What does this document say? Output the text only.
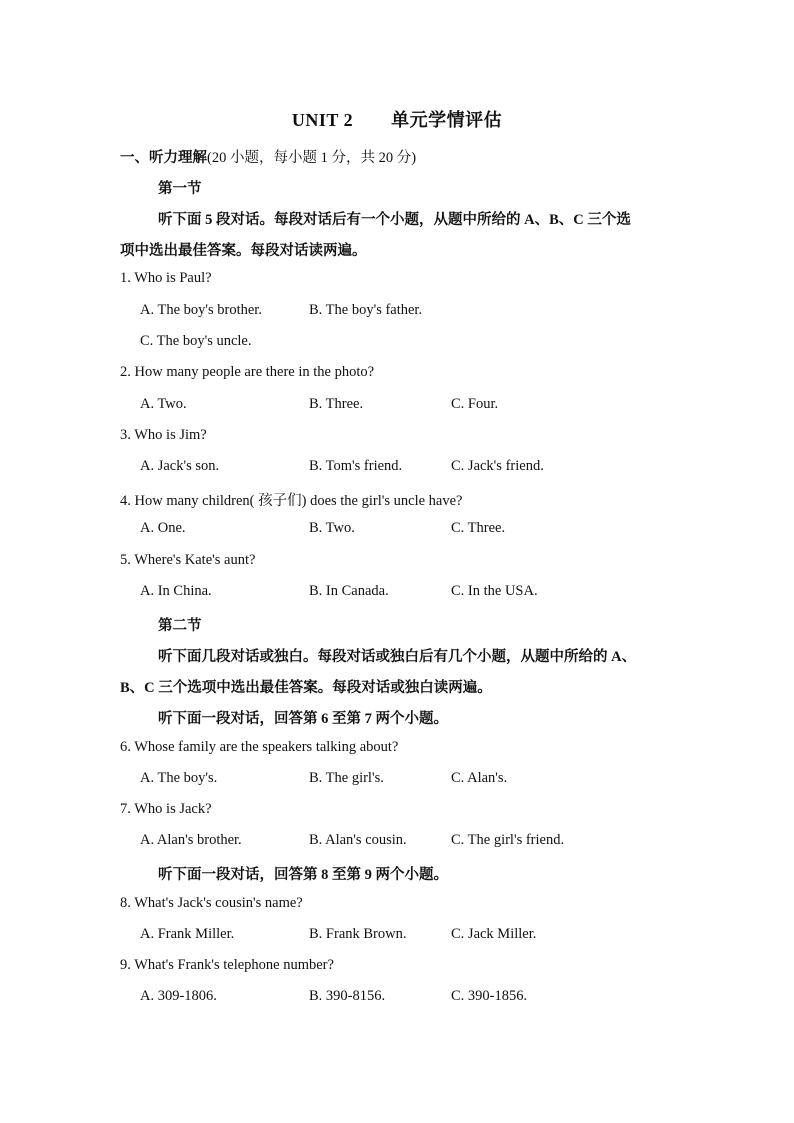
UNIT 2 单元学情评估
一、听力理解(20 小题，每小题 1 分，共 20 分)
第一节
听下面 5 段对话。每段对话后有一个小题，从题中所给的 A、B、C 三个选
项中选出最佳答案。每段对话读两遍。
1. Who is Paul?
A. The boy's brother.	B. The boy's father.
C. The boy's uncle.
2. How many people are there in the photo?
A. Two.	B. Three.	C. Four.
3. Who is Jim?
A. Jack's son.	B. Tom's friend.	C. Jack's friend.
4. How many children( 孩子们) does the girl's uncle have?
A. One.	B. Two.	C. Three.
5. Where's Kate's aunt?
A. In China.	B. In Canada.	C. In the USA.
第二节
听下面几段对话或独白。每段对话或独白后有几个小题，从题中所给的 A、
B、C 三个选项中选出最佳答案。每段对话或独白读两遍。
听下面一段对话，回答第 6 至第 7 两个小题。
6. Whose family are the speakers talking about?
A. The boy's.	B. The girl's.	C. Alan's.
7. Who is Jack?
A. Alan's brother.	B. Alan's cousin.	C. The girl's friend.
听下面一段对话，回答第 8 至第 9 两个小题。
8. What's Jack's cousin's name?
A. Frank Miller.	B. Frank Brown.	C. Jack Miller.
9. What's Frank's telephone number?
A. 309-1806.	B. 390-8156.	C. 390-1856.
